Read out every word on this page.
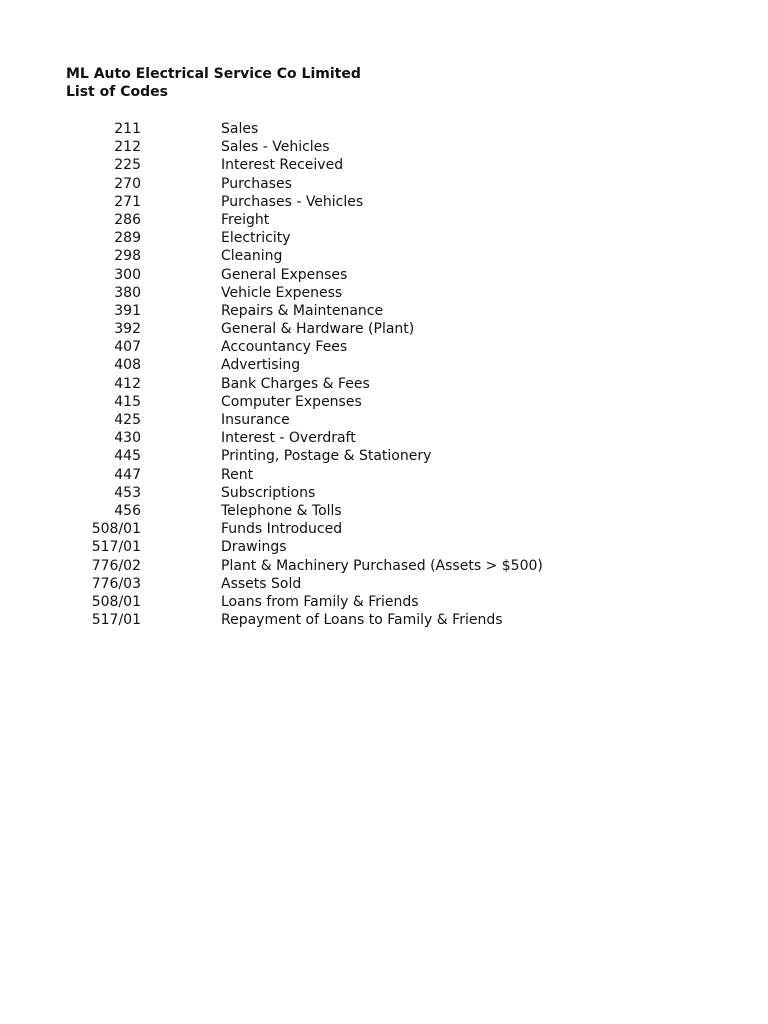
ML Auto Electrical Service Co Limited
List of Codes
211	Sales
212	Sales - Vehicles
225	Interest Received
270	Purchases
271	Purchases - Vehicles
286	Freight
289	Electricity
298	Cleaning
300	General Expenses
380	Vehicle Expeness
391	Repairs & Maintenance
392	General & Hardware (Plant)
407	Accountancy Fees
408	Advertising
412	Bank Charges & Fees
415	Computer Expenses
425	Insurance
430	Interest - Overdraft
445	Printing, Postage & Stationery
447	Rent
453	Subscriptions
456	Telephone & Tolls
508/01	Funds Introduced
517/01	Drawings
776/02	Plant & Machinery Purchased (Assets > $500)
776/03	Assets Sold
508/01	Loans from Family & Friends
517/01	Repayment of Loans to Family & Friends
